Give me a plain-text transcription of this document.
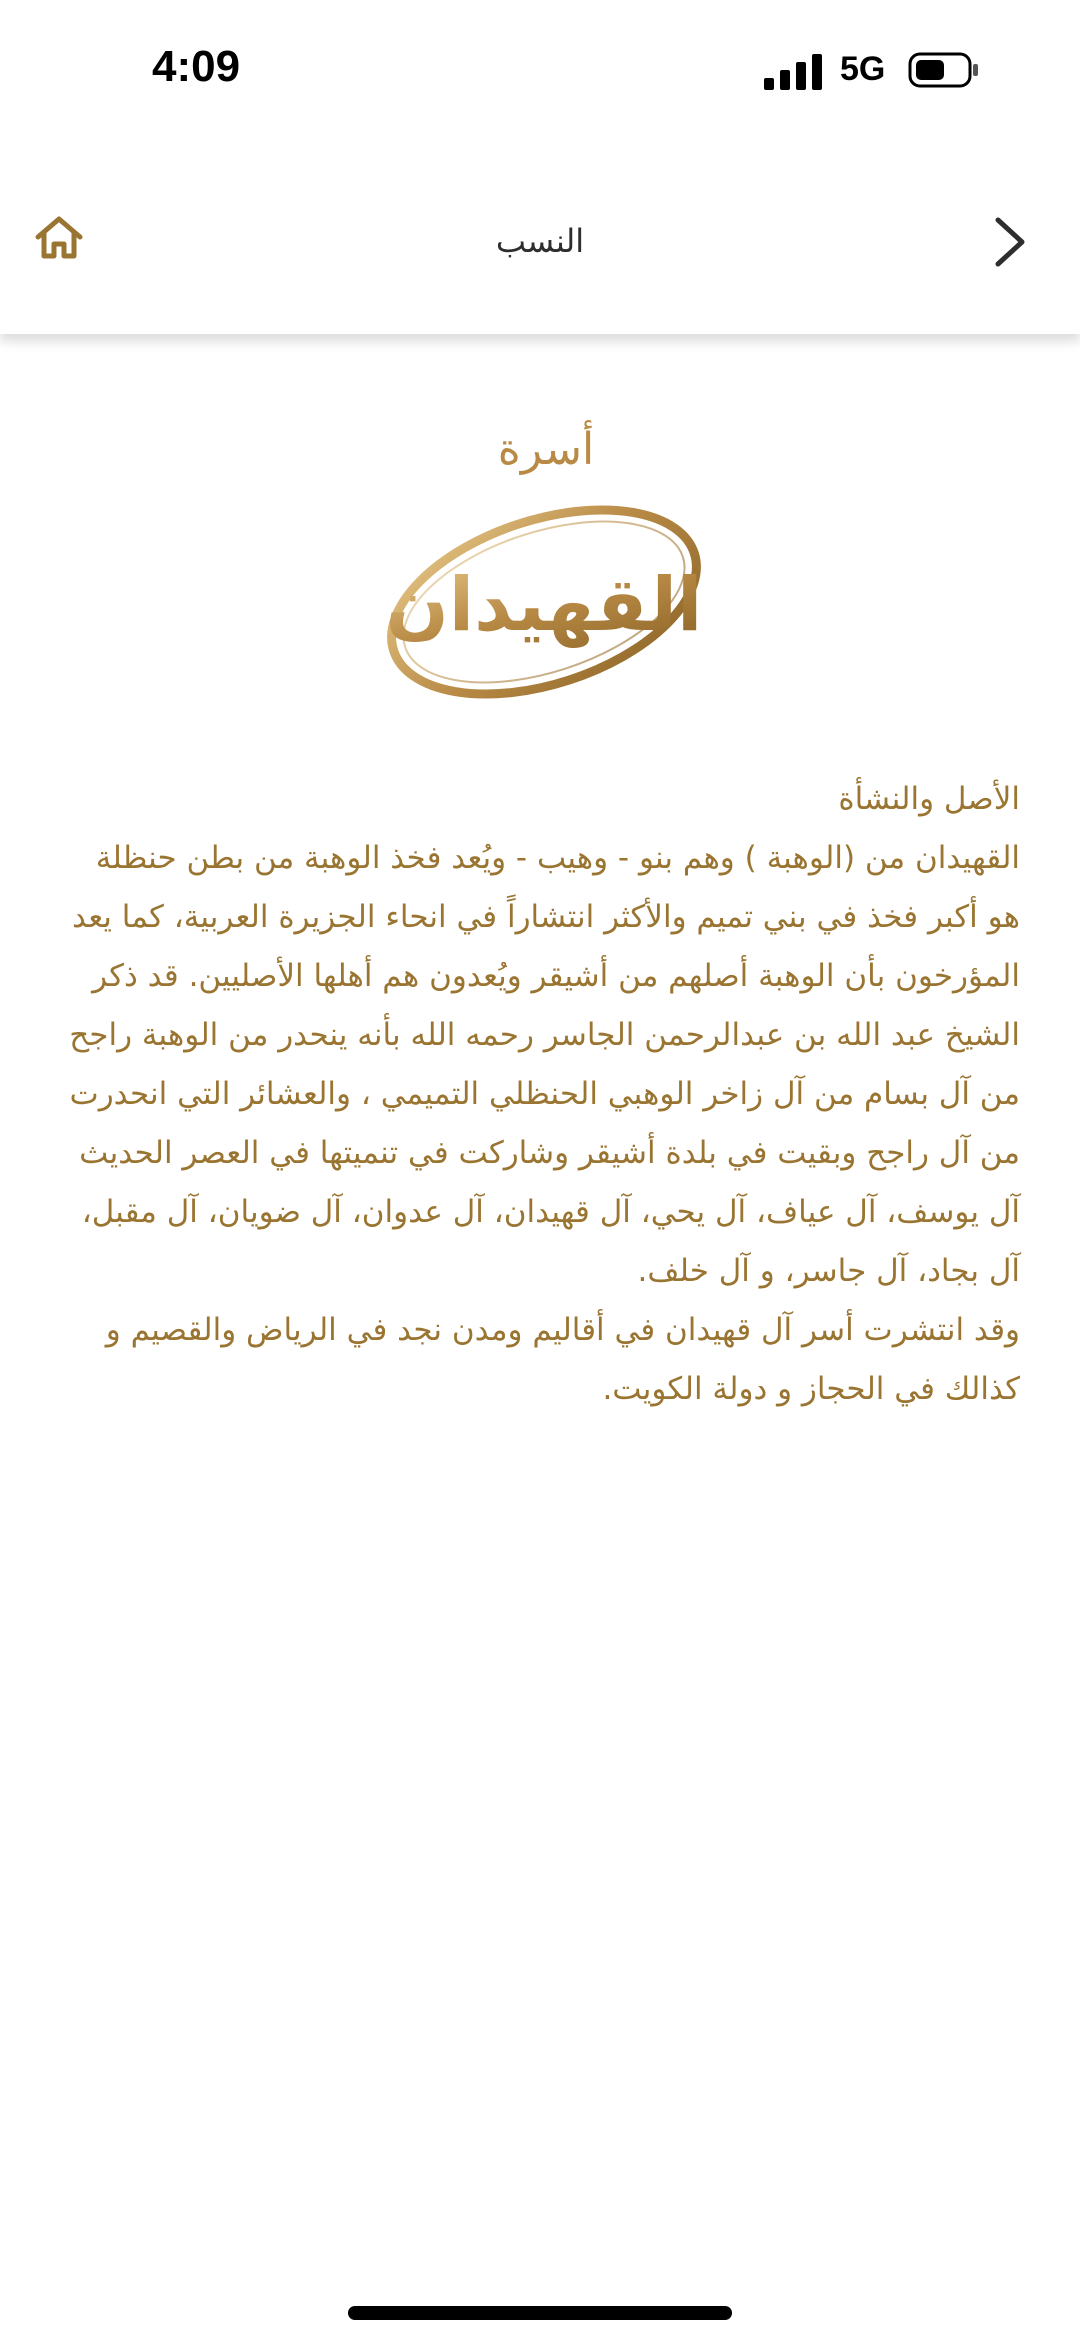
4:09	5G
النسب
أسرة
القهيدان

الأصل والنشأة

القهيدان من (الوهبة ) وهم بنو - وهيب - ويُعد فخذ الوهبة من بطن حنظلة هو أكبر فخذ في بني تميم والأكثر انتشاراً في انحاء الجزيرة العربية، كما يعد المؤرخون بأن الوهبة أصلهم من أشيقر ويُعدون هم أهلها الأصليين. قد ذكر الشيخ عبد الله بن عبدالرحمن الجاسر رحمه الله بأنه ينحدر من الوهبة راجح من آل بسام من آل زاخر الوهبي الحنظلي التميمي ، والعشائر التي انحدرت من آل راجح وبقيت في بلدة أشيقر وشاركت في تنميتها في العصر الحديث آل يوسف، آل عياف، آل يحي، آل قهيدان، آل عدوان، آل ضويان، آل مقبل، آل بجاد، آل جاسر، و آل خلف.

وقد انتشرت أسر آل قهيدان في أقاليم ومدن نجد في الرياض والقصيم و كذالك في الحجاز و دولة الكويت.
